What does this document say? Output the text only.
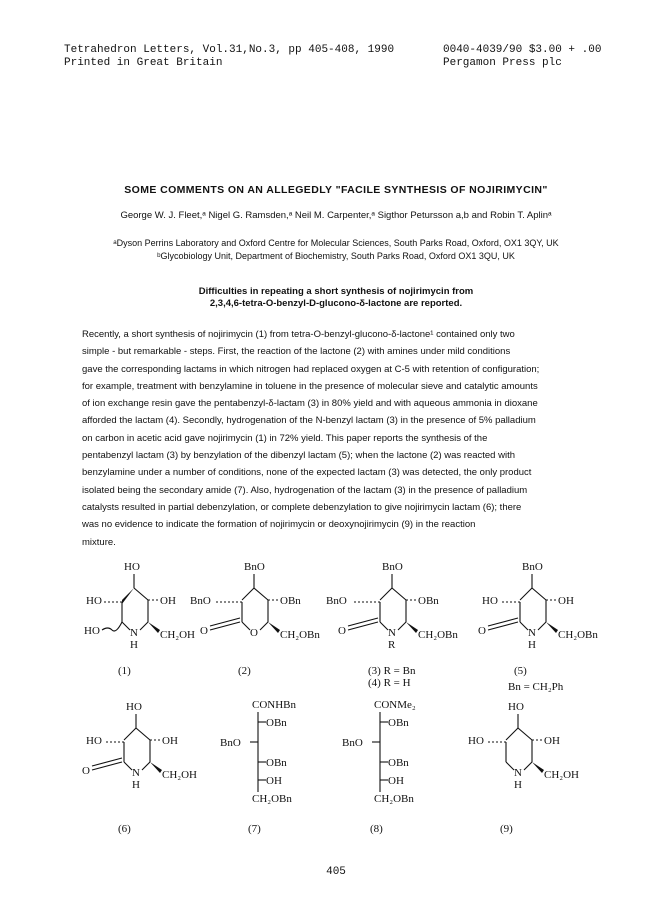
Tetrahedron Letters, Vol.31,No.3, pp 405-408, 1990
Printed in Great Britain
0040-4039/90 $3.00 + .00
Pergamon Press plc
SOME COMMENTS ON AN ALLEGEDLY "FACILE SYNTHESIS OF NOJIRIMYCIN"
George W. J. Fleet,ᵃ Nigel G. Ramsden,ᵃ Neil M. Carpenter,ᵃ Sigthor Petursson a,b and Robin T. Aplinᵃ
ᵃDyson Perrins Laboratory and Oxford Centre for Molecular Sciences, South Parks Road, Oxford, OX1 3QY, UK
ᵇGlycobiology Unit, Department of Biochemistry, South Parks Road, Oxford OX1 3QU, UK
Difficulties in repeating a short synthesis of nojirimycin from
2,3,4,6-tetra-O-benzyl-D-glucono-δ-lactone are reported.
Recently, a short synthesis of nojirimycin (1) from tetra-O-benzyl-glucono-δ-lactone¹ contained only two
simple - but remarkable - steps. First, the reaction of the lactone (2) with amines under mild conditions
gave the corresponding lactams in which nitrogen had replaced oxygen at C-5 with retention of configuration;
for example, treatment with benzylamine in toluene in the presence of molecular sieve and catalytic amounts
of ion exchange resin gave the pentabenzyl-δ-lactam (3) in 80% yield and with aqueous ammonia in dioxane
afforded the lactam (4). Secondly, hydrogenation of the N-benzyl lactam (3) in the presence of 5% palladium
on carbon in acetic acid gave nojirimycin (1) in 72% yield. This paper reports the synthesis of the
pentabenzyl lactam (3) by benzylation of the dibenzyl lactam (5); when the lactone (2) was reacted with
benzylamine under a number of conditions, none of the expected lactam (3) was detected, the only product
isolated being the secondary amide (7). Also, hydrogenation of the lactam (3) in the presence of palladium
catalysts resulted in partial debenzylation, or complete debenzylation to give nojirimycin lactam (6); there
was no evidence to indicate the formation of nojirimycin or deoxynojirimycin (9) in the reaction
mixture.
HO
HO	OH
HO	N
H
CH₂OH
(1)
BnO
BnO	OBn
O	O CH₂OBn
(2)
BnO
BnO	OBn
O	N
R
CH₂OBn
(3) R = Bn
(4) R = H
BnO
HO	OH
O	N
H
CH₂OBn
(5)
Bn = CH₂Ph
HO
HO	OH
O	N
H
CH₂OH
(6)
CONHBn
OBn
BnO
OBn
OH
CH₂OBn
(7)
CONMe₂
OBn
BnO
OBn
OH
CH₂OBn
(8)
HO
HO	OH
N
H
CH₂OH
(9)
405
